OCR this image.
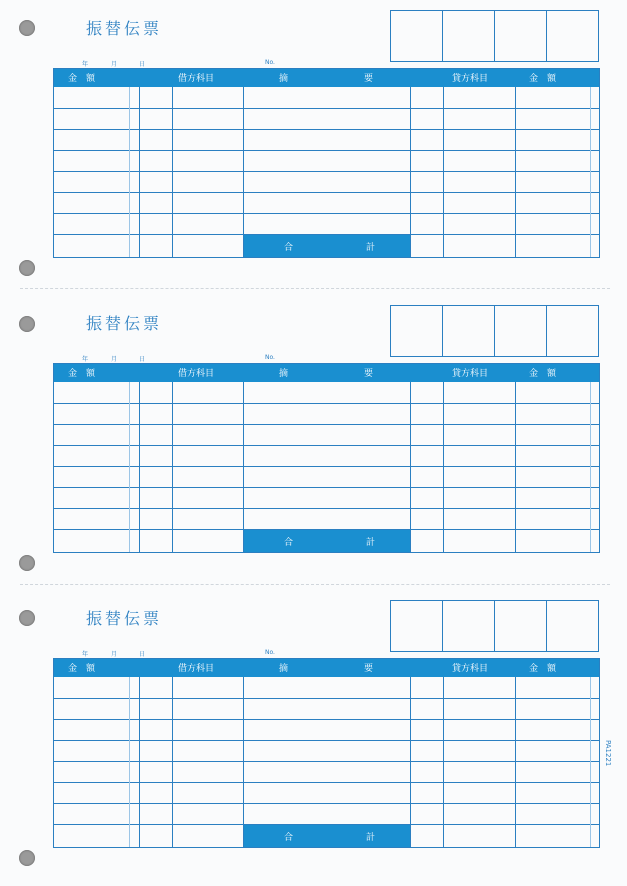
振替伝票
年	月	日	No.
金　額	借方科目	摘	要	貸方科目	金　額
合	計
振替伝票
年	月	日	No.
金　額	借方科目	摘	要	貸方科目	金　額
合	計
振替伝票
年	月	日	No.
金　額	借方科目	摘	要	貸方科目	金　額
合	計
PA1221
